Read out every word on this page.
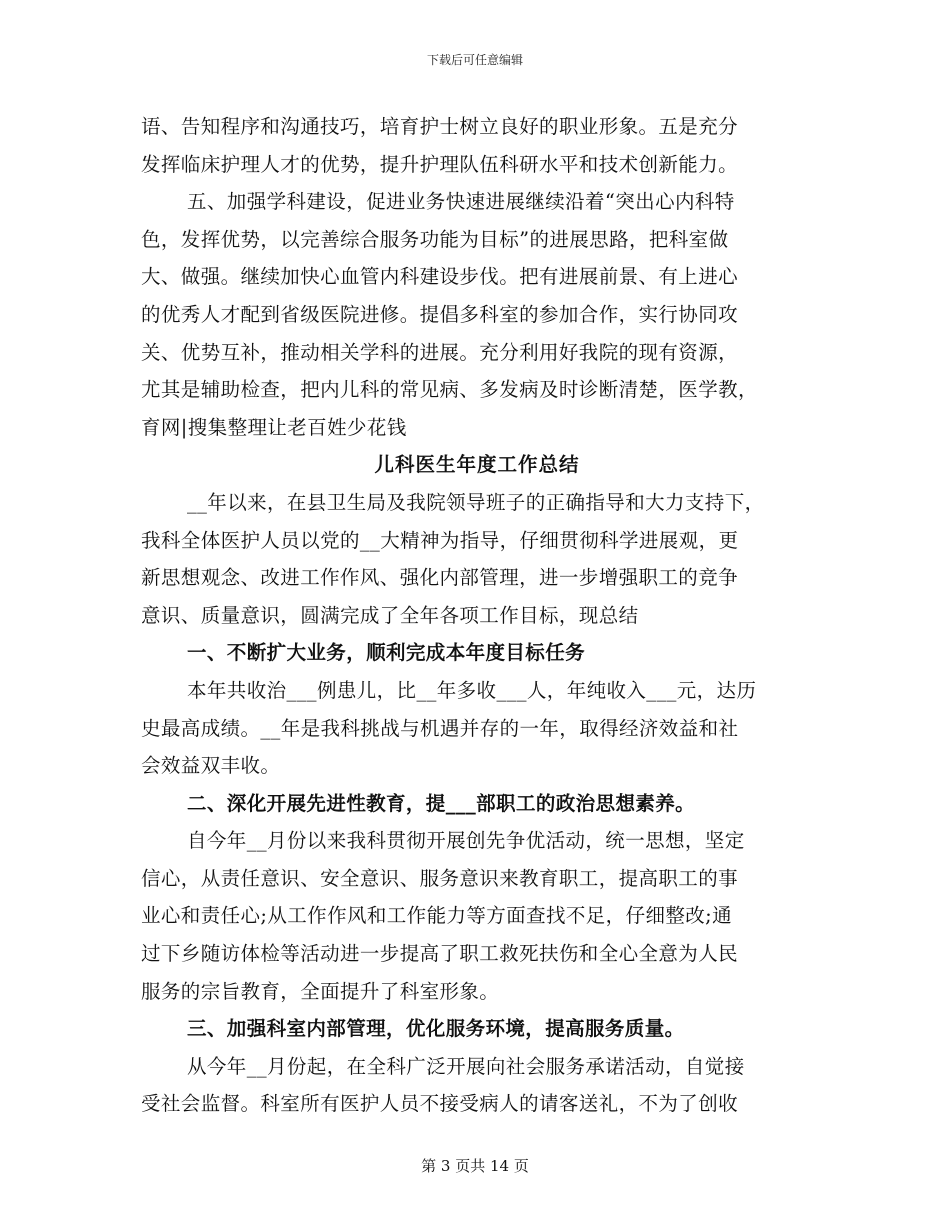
下载后可任意编辑
语、告知程序和沟通技巧，培育护士树立良好的职业形象。五是充分
发挥临床护理人才的优势，提升护理队伍科研水平和技术创新能力。
五、加强学科建设，促进业务快速进展继续沿着“突出心内科特
色，发挥优势，以完善综合服务功能为目标”的进展思路，把科室做
大、做强。继续加快心血管内科建设步伐。把有进展前景、有上进心
的优秀人才配到省级医院进修。提倡多科室的参加合作，实行协同攻
关、优势互补，推动相关学科的进展。充分利用好我院的现有资源，
尤其是辅助检查，把内儿科的常见病、多发病及时诊断清楚，医学教，
育网|搜集整理让老百姓少花钱
儿科医生年度工作总结
__年以来，在县卫生局及我院领导班子的正确指导和大力支持下，
我科全体医护人员以党的__大精神为指导，仔细贯彻科学进展观，更
新思想观念、改进工作作风、强化内部管理，进一步增强职工的竞争
意识、质量意识，圆满完成了全年各项工作目标，现总结
一、不断扩大业务，顺利完成本年度目标任务
本年共收治___例患儿，比__年多收___人，年纯收入___元，达历
史最高成绩。__年是我科挑战与机遇并存的一年，取得经济效益和社
会效益双丰收。
二、深化开展先进性教育，提___部职工的政治思想素养。
自今年__月份以来我科贯彻开展创先争优活动，统一思想，坚定
信心，从责任意识、安全意识、服务意识来教育职工，提高职工的事
业心和责任心;从工作作风和工作能力等方面查找不足，仔细整改;通
过下乡随访体检等活动进一步提高了职工救死扶伤和全心全意为人民
服务的宗旨教育，全面提升了科室形象。
三、加强科室内部管理，优化服务环境，提高服务质量。
从今年__月份起，在全科广泛开展向社会服务承诺活动，自觉接
受社会监督。科室所有医护人员不接受病人的请客送礼，不为了创收
第 3 页共 14 页
